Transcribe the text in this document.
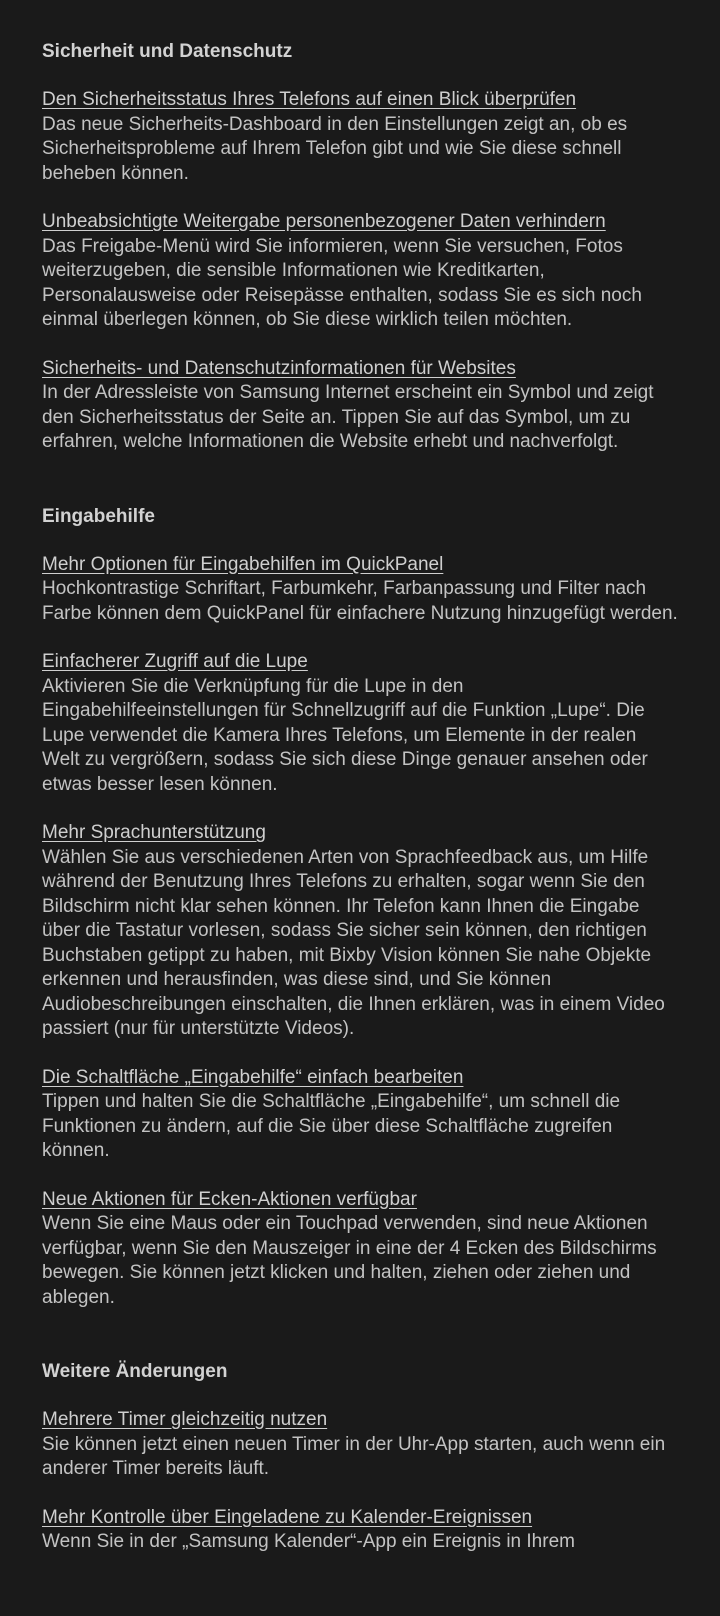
Sicherheit und Datenschutz
Den Sicherheitsstatus Ihres Telefons auf einen Blick überprüfen

Das neue Sicherheits-Dashboard in den Einstellungen zeigt an, ob es Sicherheitsprobleme auf Ihrem Telefon gibt und wie Sie diese schnell beheben können.

Unbeabsichtigte Weitergabe personenbezogener Daten verhindern

Das Freigabe-Menü wird Sie informieren, wenn Sie versuchen, Fotos weiterzugeben, die sensible Informationen wie Kreditkarten, Personalausweise oder Reisepässe enthalten, sodass Sie es sich noch einmal überlegen können, ob Sie diese wirklich teilen möchten.

Sicherheits- und Datenschutzinformationen für Websites

In der Adressleiste von Samsung Internet erscheint ein Symbol und zeigt den Sicherheitsstatus der Seite an. Tippen Sie auf das Symbol, um zu erfahren, welche Informationen die Website erhebt und nachverfolgt.

Eingabehilfe
Mehr Optionen für Eingabehilfen im QuickPanel

Hochkontrastige Schriftart, Farbumkehr, Farbanpassung und Filter nach Farbe können dem QuickPanel für einfachere Nutzung hinzugefügt werden.

Einfacherer Zugriff auf die Lupe

Aktivieren Sie die Verknüpfung für die Lupe in den Eingabehilfeeinstellungen für Schnellzugriff auf die Funktion „Lupe“. Die Lupe verwendet die Kamera Ihres Telefons, um Elemente in der realen Welt zu vergrößern, sodass Sie sich diese Dinge genauer ansehen oder etwas besser lesen können.

Mehr Sprachunterstützung

Wählen Sie aus verschiedenen Arten von Sprachfeedback aus, um Hilfe während der Benutzung Ihres Telefons zu erhalten, sogar wenn Sie den Bildschirm nicht klar sehen können. Ihr Telefon kann Ihnen die Eingabe über die Tastatur vorlesen, sodass Sie sicher sein können, den richtigen Buchstaben getippt zu haben, mit Bixby Vision können Sie nahe Objekte erkennen und herausfinden, was diese sind, und Sie können Audiobeschreibungen einschalten, die Ihnen erklären, was in einem Video passiert (nur für unterstützte Videos).

Die Schaltfläche „Eingabehilfe“ einfach bearbeiten

Tippen und halten Sie die Schaltfläche „Eingabehilfe“, um schnell die Funktionen zu ändern, auf die Sie über diese Schaltfläche zugreifen können.

Neue Aktionen für Ecken-Aktionen verfügbar

Wenn Sie eine Maus oder ein Touchpad verwenden, sind neue Aktionen verfügbar, wenn Sie den Mauszeiger in eine der 4 Ecken des Bildschirms bewegen. Sie können jetzt klicken und halten, ziehen oder ziehen und ablegen.

Weitere Änderungen
Mehrere Timer gleichzeitig nutzen

Sie können jetzt einen neuen Timer in der Uhr-App starten, auch wenn ein anderer Timer bereits läuft.

Mehr Kontrolle über Eingeladene zu Kalender-Ereignissen

Wenn Sie in der „Samsung Kalender“-App ein Ereignis in Ihrem
